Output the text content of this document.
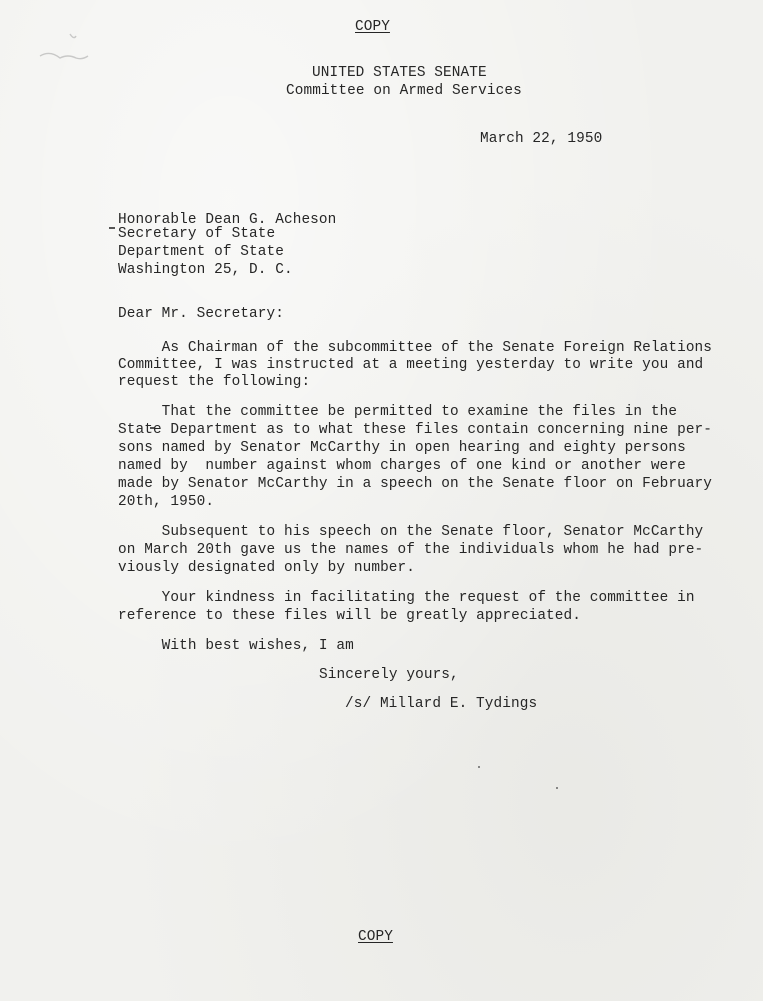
COPY
UNITED STATES SENATE
Committee on Armed Services
March 22, 1950
Honorable Dean G. Acheson
Secretary of State
Department of State
Washington 25, D. C.
Dear Mr. Secretary:
As Chairman of the subcommittee of the Senate Foreign Relations
Committee, I was instructed at a meeting yesterday to write you and
request the following:
That the committee be permitted to examine the files in the
State Department as to what these files contain concerning nine per-
sons named by Senator McCarthy in open hearing and eighty persons
named by  number against whom charges of one kind or another were
made by Senator McCarthy in a speech on the Senate floor on February
20th, 1950.
Subsequent to his speech on the Senate floor, Senator McCarthy
on March 20th gave us the names of the individuals whom he had pre-
viously designated only by number.
Your kindness in facilitating the request of the committee in
reference to these files will be greatly appreciated.
With best wishes, I am
Sincerely yours,
/s/ Millard E. Tydings
COPY
